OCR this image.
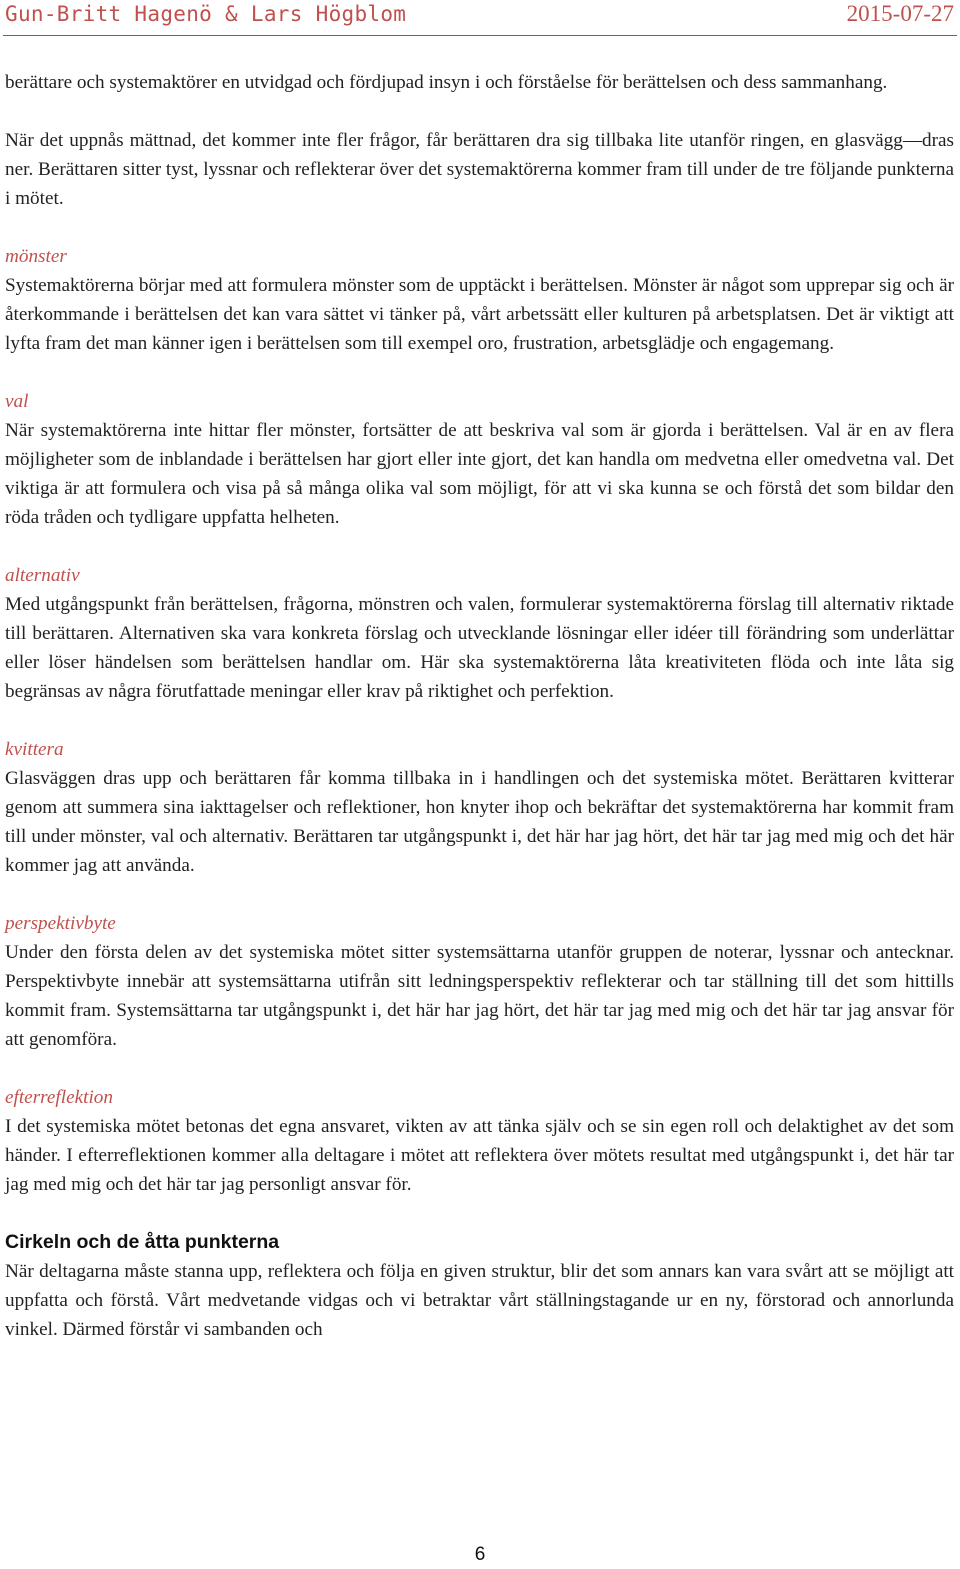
Gun-Britt Hagenö & Lars Högblom	2015-07-27

berättare och systemaktörer en utvidgad och fördjupad insyn i och förståelse för berättelsen och dess sammanhang.

När det uppnås mättnad, det kommer inte fler frågor, får berättaren dra sig tillbaka lite utanför ringen, en glasvägg—dras ner. Berättaren sitter tyst, lyssnar och reflekterar över det systemaktörerna kommer fram till under de tre följande punkterna i mötet.

mönster

Systemaktörerna börjar med att formulera mönster som de upptäckt i berättelsen. Mönster är något som upprepar sig och är återkommande i berättelsen det kan vara sättet vi tänker på, vårt arbetssätt eller kulturen på arbetsplatsen. Det är viktigt att lyfta fram det man känner igen i berättelsen som till exempel oro, frustration, arbetsglädje och engagemang.

val

När systemaktörerna inte hittar fler mönster, fortsätter de att beskriva val som är gjorda i berättelsen. Val är en av flera möjligheter som de inblandade i berättelsen har gjort eller inte gjort, det kan handla om medvetna eller omedvetna val. Det viktiga är att formulera och visa på så många olika val som möjligt, för att vi ska kunna se och förstå det som bildar den röda tråden och tydligare uppfatta helheten.

alternativ

Med utgångspunkt från berättelsen, frågorna, mönstren och valen, formulerar systemaktörerna förslag till alternativ riktade till berättaren. Alternativen ska vara konkreta förslag och utvecklande lösningar eller idéer till förändring som underlättar eller löser händelsen som berättelsen handlar om. Här ska systemaktörerna låta kreativiteten flöda och inte låta sig begränsas av några förutfattade meningar eller krav på riktighet och perfektion.

kvittera

Glasväggen dras upp och berättaren får komma tillbaka in i handlingen och det systemiska mötet. Berättaren kvitterar genom att summera sina iakttagelser och reflektioner, hon knyter ihop och bekräftar det systemaktörerna har kommit fram till under mönster, val och alternativ. Berättaren tar utgångspunkt i, det här har jag hört, det här tar jag med mig och det här kommer jag att använda.

perspektivbyte

Under den första delen av det systemiska mötet sitter systemsättarna utanför gruppen de noterar, lyssnar och antecknar. Perspektivbyte innebär att systemsättarna utifrån sitt ledningsperspektiv reflekterar och tar ställning till det som hittills kommit fram. Systemsättarna tar utgångspunkt i, det här har jag hört, det här tar jag med mig och det här tar jag ansvar för att genomföra.

efterreflektion

I det systemiska mötet betonas det egna ansvaret, vikten av att tänka själv och se sin egen roll och delaktighet av det som händer. I efterreflektionen kommer alla deltagare i mötet att reflektera över mötets resultat med utgångspunkt i, det här tar jag med mig och det här tar jag personligt ansvar för.

Cirkeln och de åtta punkterna

När deltagarna måste stanna upp, reflektera och följa en given struktur, blir det som annars kan vara svårt att se möjligt att uppfatta och förstå. Vårt medvetande vidgas och vi betraktar vårt ställningstagande ur en ny, förstorad och annorlunda vinkel. Därmed förstår vi sambanden och

6
